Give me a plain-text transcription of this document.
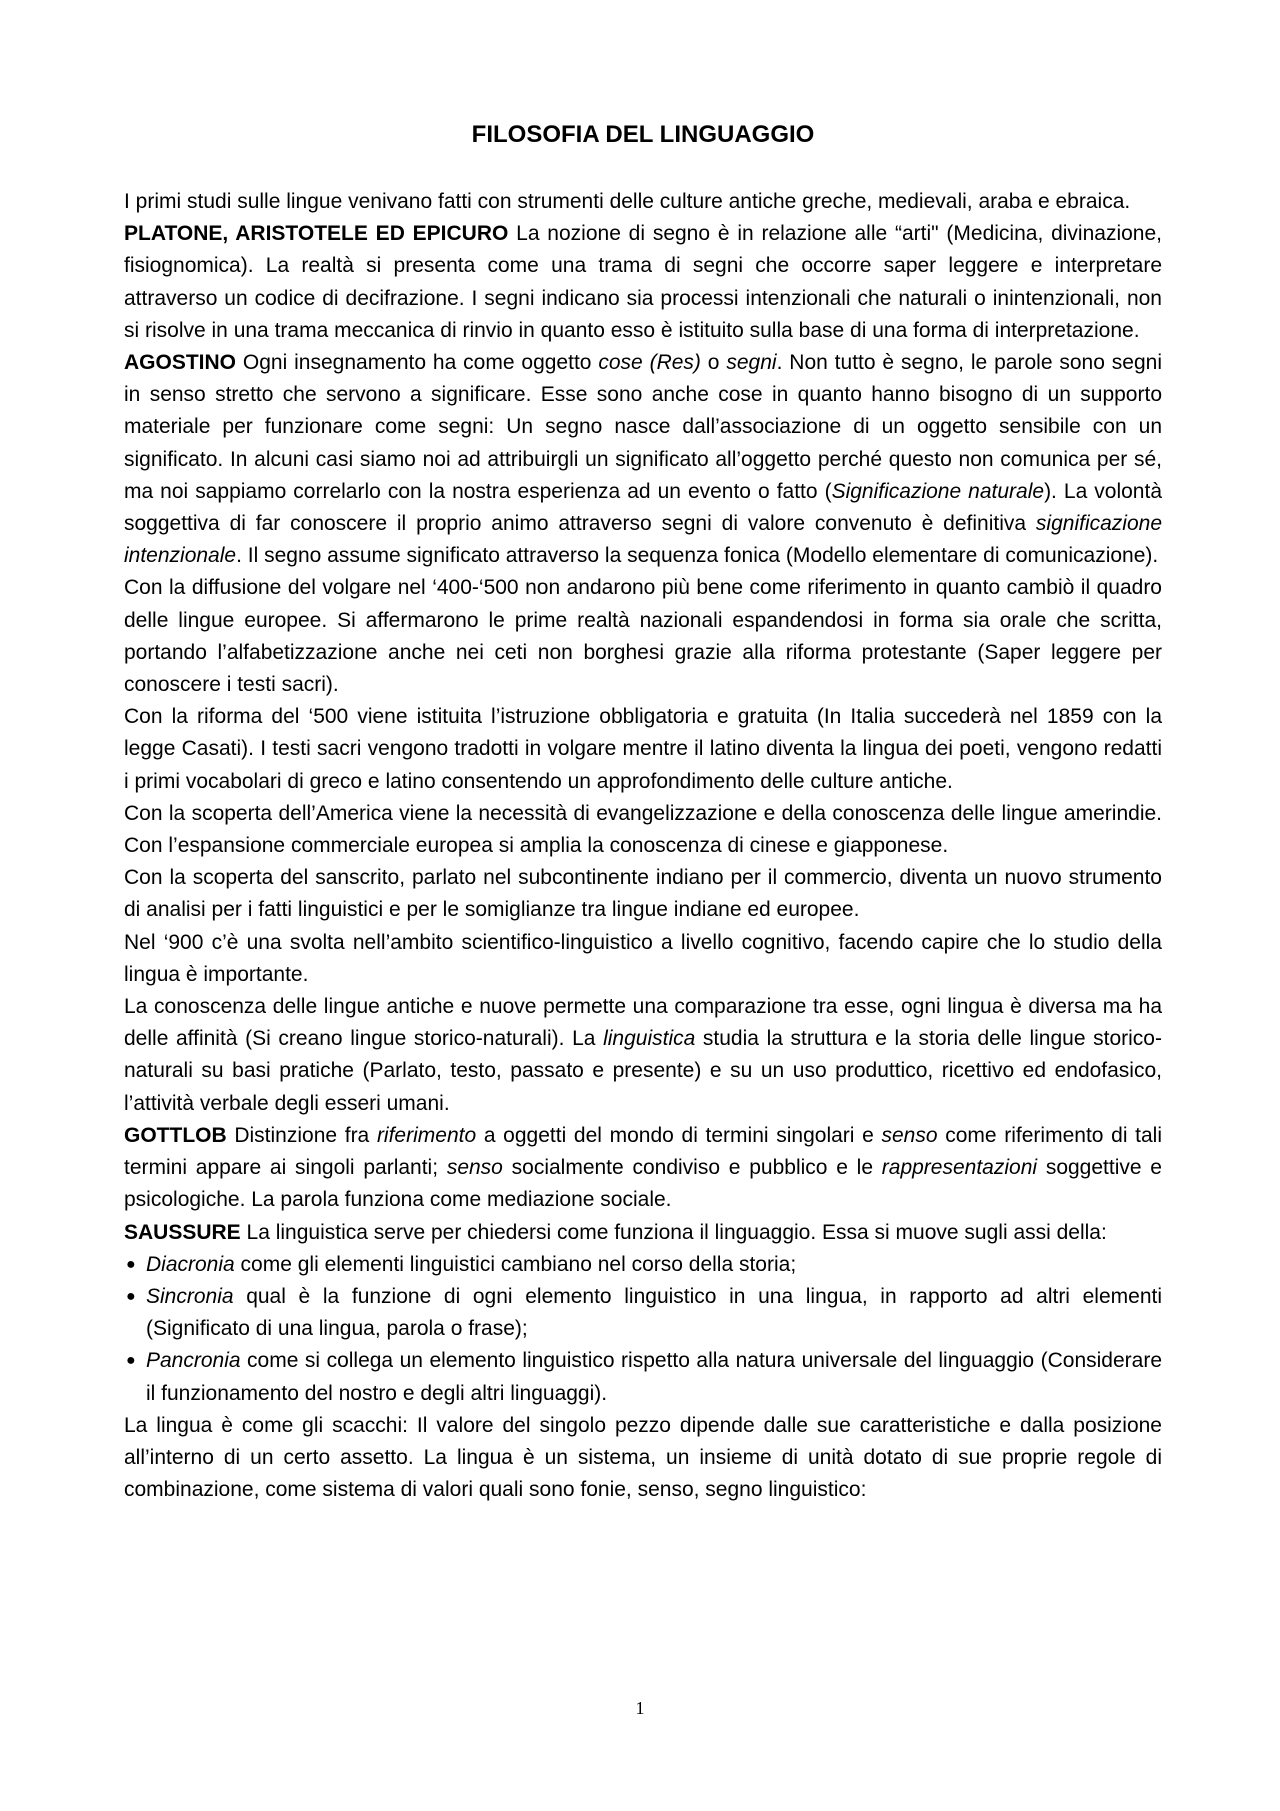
FILOSOFIA DEL LINGUAGGIO

I primi studi sulle lingue venivano fatti con strumenti delle culture antiche greche, medievali, araba e ebraica.

PLATONE, ARISTOTELE ED EPICURO La nozione di segno è in relazione alle “arti" (Medicina, divinazione, fisiognomica). La realtà si presenta come una trama di segni che occorre saper leggere e interpretare attraverso un codice di decifrazione. I segni indicano sia processi intenzionali che naturali o inintenzionali, non si risolve in una trama meccanica di rinvio in quanto esso è istituito sulla base di una forma di interpretazione.

AGOSTINO Ogni insegnamento ha come oggetto cose (Res) o segni. Non tutto è segno, le parole sono segni in senso stretto che servono a significare. Esse sono anche cose in quanto hanno bisogno di un supporto materiale per funzionare come segni: Un segno nasce dall’associazione di un oggetto sensibile con un significato. In alcuni casi siamo noi ad attribuirgli un significato all’oggetto perché questo non comunica per sé, ma noi sappiamo correlarlo con la nostra esperienza ad un evento o fatto (Significazione naturale). La volontà soggettiva di far conoscere il proprio animo attraverso segni di valore convenuto è definitiva significazione intenzionale. Il segno assume significato attraverso la sequenza fonica (Modello elementare di comunicazione).

Con la diffusione del volgare nel ‘400-‘500 non andarono più bene come riferimento in quanto cambiò il quadro delle lingue europee. Si affermarono le prime realtà nazionali espandendosi in forma sia orale che scritta, portando l’alfabetizzazione anche nei ceti non borghesi grazie alla riforma protestante (Saper leggere per conoscere i testi sacri).

Con la riforma del ‘500 viene istituita l’istruzione obbligatoria e gratuita (In Italia succederà nel 1859 con la legge Casati). I testi sacri vengono tradotti in volgare mentre il latino diventa la lingua dei poeti, vengono redatti i primi vocabolari di greco e latino consentendo un approfondimento delle culture antiche.

Con la scoperta dell’America viene la necessità di evangelizzazione e della conoscenza delle lingue amerindie. Con l’espansione commerciale europea si amplia la conoscenza di cinese e giapponese.

Con la scoperta del sanscrito, parlato nel subcontinente indiano per il commercio, diventa un nuovo strumento di analisi per i fatti linguistici e per le somiglianze tra lingue indiane ed europee.

Nel ‘900 c’è una svolta nell’ambito scientifico-linguistico a livello cognitivo, facendo capire che lo studio della lingua è importante.

La conoscenza delle lingue antiche e nuove permette una comparazione tra esse, ogni lingua è diversa ma ha delle affinità (Si creano lingue storico-naturali). La linguistica studia la struttura e la storia delle lingue storico-naturali su basi pratiche (Parlato, testo, passato e presente) e su un uso produttico, ricettivo ed endofasico, l’attività verbale degli esseri umani.

GOTTLOB Distinzione fra riferimento a oggetti del mondo di termini singolari e senso come riferimento di tali termini appare ai singoli parlanti; senso socialmente condiviso e pubblico e le rappresentazioni soggettive e psicologiche. La parola funziona come mediazione sociale.

SAUSSURE La linguistica serve per chiedersi come funziona il linguaggio. Essa si muove sugli assi della:

● Diacronia come gli elementi linguistici cambiano nel corso della storia;
● Sincronia qual è la funzione di ogni elemento linguistico in una lingua, in rapporto ad altri elementi (Significato di una lingua, parola o frase);
● Pancronia come si collega un elemento linguistico rispetto alla natura universale del linguaggio (Considerare il funzionamento del nostro e degli altri linguaggi).

La lingua è come gli scacchi: Il valore del singolo pezzo dipende dalle sue caratteristiche e dalla posizione all’interno di un certo assetto. La lingua è un sistema, un insieme di unità dotato di sue proprie regole di combinazione, come sistema di valori quali sono fonie, senso, segno linguistico:

1
